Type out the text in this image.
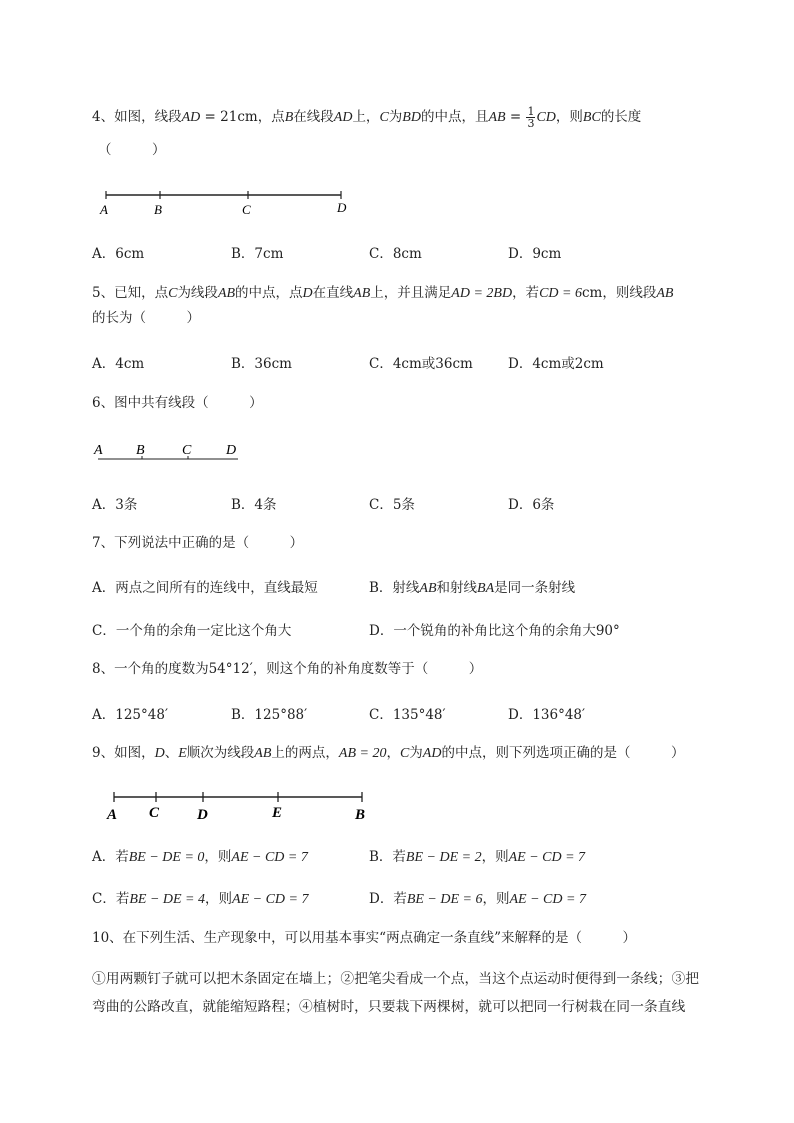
4、如图，线段AD = 21cm，点B在线段AD上，C为BD的中点，且AB = $\frac{1}{3}$ CD，则BC的长度
（　　　）
A	B	C	D
A．6cm	B．7cm	C．8cm	D．9cm
5、已知，点C为线段AB的中点，点D在直线AB上，并且满足AD = 2BD，若CD = 6cm，则线段AB
的长为（　　　）
A．4cm	B．36cm	C．4cm或36cm	D．4cm或2cm
6、图中共有线段（　　　）
A B	C D
A．3条	B．4条	C．5条	D．6条
7、下列说法中正确的是（　　　）
A．两点之间所有的连线中，直线最短	B．射线AB和射线BA是同一条射线
C．一个角的余角一定比这个角大	D．一个锐角的补角比这个角的余角大90°
8、一个角的度数为54°12′，则这个角的补角度数等于（　　　）
A．125°48′	B．125°88′	C．135°48′	D．136°48′
9、如图，D、E顺次为线段AB上的两点，AB = 20，C为AD的中点，则下列选项正确的是（　　　）
A C	D	E	B
A．若BE − DE = 0，则AE − CD = 7	B．若BE − DE = 2，则AE − CD = 7
C．若BE − DE = 4，则AE − CD = 7	D．若BE − DE = 6，则AE − CD = 7
10、在下列生活、生产现象中，可以用基本事实“两点确定一条直线”来解释的是（　　　）
①用两颗钉子就可以把木条固定在墙上；②把笔尖看成一个点，当这个点运动时便得到一条线；③把
弯曲的公路改直，就能缩短路程；④植树时，只要栽下两棵树，就可以把同一行树栽在同一条直线
